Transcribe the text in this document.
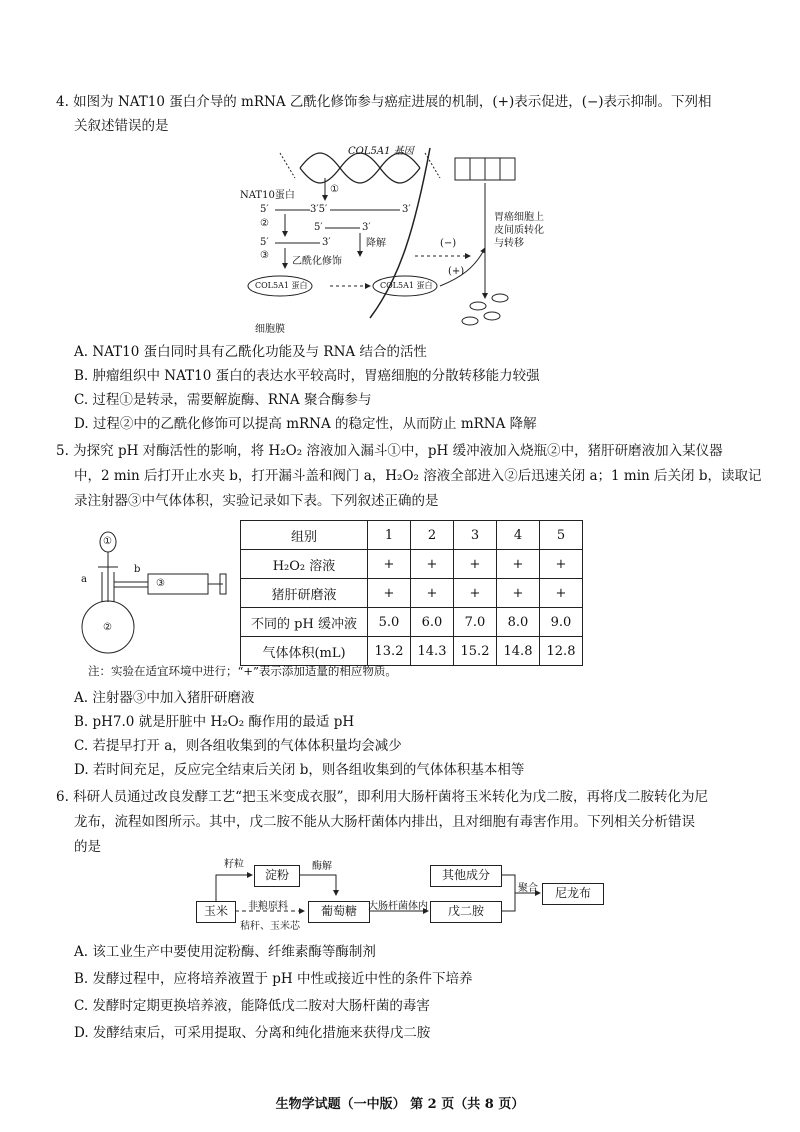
4. 如图为 NAT10 蛋白介导的 mRNA 乙酰化修饰参与癌症进展的机制，(+)表示促进，(−)表示抑制。下列相
关叙述错误的是
COL5A1 基因
NAT10蛋白
①
②
③
乙酰化修饰
降解
5′	3′5′	3′
5′	3′
5′	3′
COL5A1 蛋白	COL5A1 蛋白
(−)
(+)
胃癌细胞上
皮间质转化
与转移
细胞膜
A. NAT10 蛋白同时具有乙酰化功能及与 RNA 结合的活性
B. 肿瘤组织中 NAT10 蛋白的表达水平较高时，胃癌细胞的分散转移能力较强
C. 过程①是转录，需要解旋酶、RNA 聚合酶参与
D. 过程②中的乙酰化修饰可以提高 mRNA 的稳定性，从而防止 mRNA 降解
5. 为探究 pH 对酶活性的影响，将 H₂O₂ 溶液加入漏斗①中，pH 缓冲液加入烧瓶②中，猪肝研磨液加入某仪器
中，2 min 后打开止水夹 b，打开漏斗盖和阀门 a，H₂O₂ 溶液全部进入②后迅速关闭 a；1 min 后关闭 b，读取记
录注射器③中气体体积，实验记录如下表。下列叙述正确的是
a
b
①
②
③
组别	1	2	3	4	5
H₂O₂ 溶液	+	+	+	+	+
猪肝研磨液	+	+	+	+	+
不同的 pH 缓冲液	5.0	6.0	7.0	8.0	9.0
气体体积(mL)	13.2	14.3	15.2	14.8	12.8
注：实验在适宜环境中进行；“+”表示添加适量的相应物质。
A. 注射器③中加入猪肝研磨液
B. pH7.0 就是肝脏中 H₂O₂ 酶作用的最适 pH
C. 若提早打开 a，则各组收集到的气体体积量均会减少
D. 若时间充足，反应完全结束后关闭 b，则各组收集到的气体体积基本相等
6. 科研人员通过改良发酵工艺“把玉米变成衣服”，即利用大肠杆菌将玉米转化为戊二胺，再将戊二胺转化为尼
龙布，流程如图所示。其中，戊二胺不能从大肠杆菌体内排出，且对细胞有毒害作用。下列相关分析错误
的是
玉米
淀粉
葡萄糖
其他成分
戊二胺
尼龙布
籽粒	酶解
非粮原料
秸秆、玉米芯
大肠杆菌体内
聚合
A. 该工业生产中要使用淀粉酶、纤维素酶等酶制剂
B. 发酵过程中，应将培养液置于 pH 中性或接近中性的条件下培养
C. 发酵时定期更换培养液，能降低戊二胺对大肠杆菌的毒害
D. 发酵结束后，可采用提取、分离和纯化措施来获得戊二胺
生物学试题（一中版） 第 2 页（共 8 页）
